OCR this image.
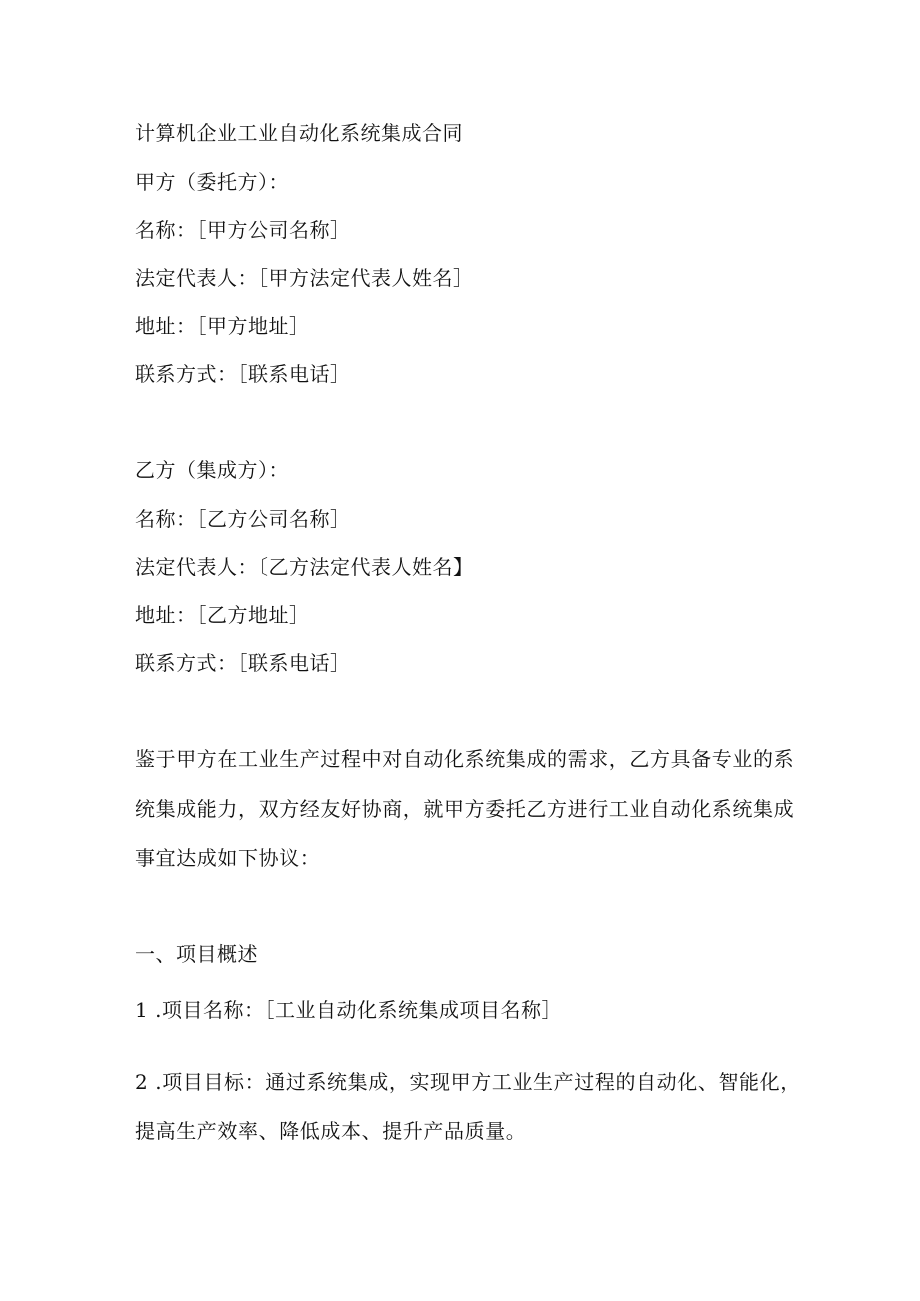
计算机企业工业自动化系统集成合同
甲方（委托方）：
名称：［甲方公司名称］
法定代表人：［甲方法定代表人姓名］
地址：［甲方地址］
联系方式：［联系电话］
乙方（集成方）：
名称：［乙方公司名称］
法定代表人：〔乙方法定代表人姓名】
地址：［乙方地址］
联系方式：［联系电话］
鉴于甲方在工业生产过程中对自动化系统集成的需求，乙方具备专业的系
统集成能力，双方经友好协商，就甲方委托乙方进行工业自动化系统集成
事宜达成如下协议：
一、项目概述
1 .项目名称：［工业自动化系统集成项目名称］
2 .项目目标：通过系统集成，实现甲方工业生产过程的自动化、智能化，
提高生产效率、降低成本、提升产品质量。
